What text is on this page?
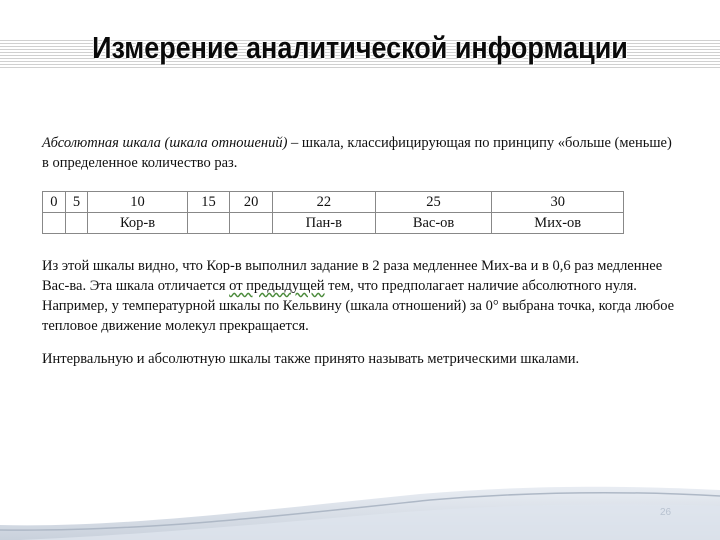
Измерение аналитической информации
Абсолютная шкала (шкала отношений) – шкала, классифицирующая по принципу «больше (меньше) в определенное количество раз.
0	5	10	15	20	22	25	30
		Кор-в			Пан-в	Вас-ов	Мих-ов

Из этой шкалы видно, что Кор-в выполнил задание в 2 раза медленнее Мих-ва и в 0,6 раз медленнее Вас-ва. Эта шкала отличается от предыдущей тем, что предполагает наличие абсолютного нуля. Например, у температурной шкалы по Кельвину (шкала отношений) за 0° выбрана точка, когда любое тепловое движение молекул прекращается.

Интервальную и абсолютную шкалы также принято называть метрическими шкалами.

26
